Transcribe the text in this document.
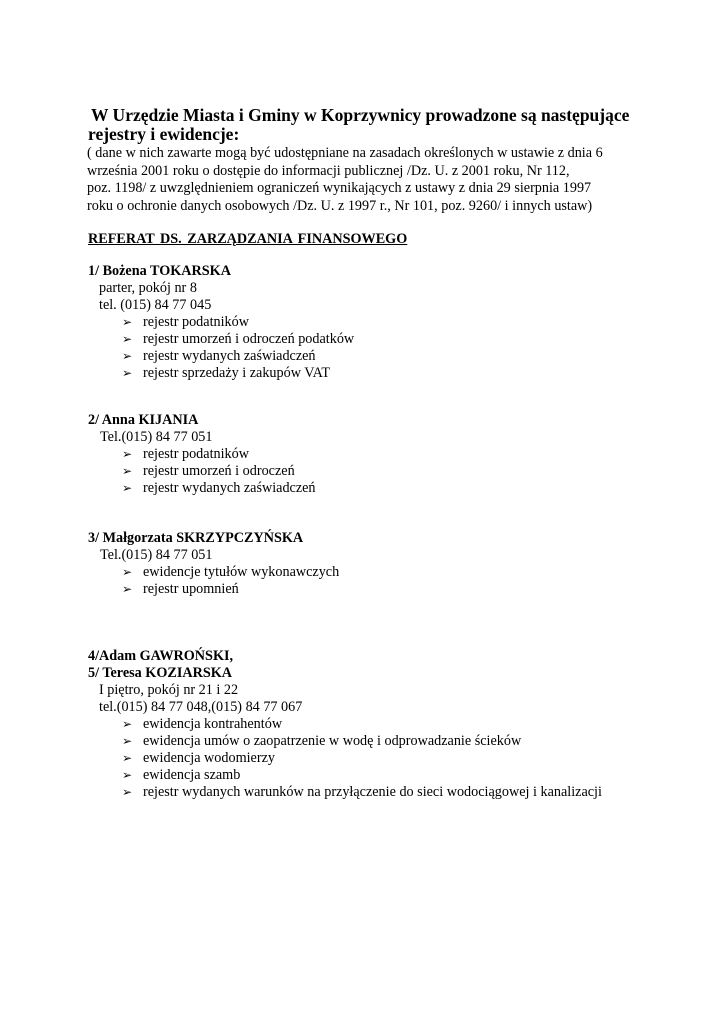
W Urzędzie Miasta i Gminy w Koprzywnicy prowadzone są następujące
rejestry i ewidencje:
( dane w nich zawarte mogą być udostępniane na zasadach określonych w ustawie z dnia 6
września 2001 roku o dostępie do informacji publicznej /Dz. U. z 2001 roku, Nr 112,
poz. 1198/ z uwzględnieniem ograniczeń wynikających z ustawy z dnia 29 sierpnia 1997
roku o ochronie danych osobowych /Dz. U. z 1997 r., Nr 101, poz. 9260/ i innych ustaw)
REFERAT DS. ZARZĄDZANIA FINANSOWEGO
1/ Bożena TOKARSKA
parter, pokój nr 8
tel. (015) 84 77 045
➢ rejestr podatników
➢ rejestr umorzeń i odroczeń podatków
➢ rejestr wydanych zaświadczeń
➢ rejestr sprzedaży i zakupów VAT
2/ Anna KIJANIA
Tel.(015) 84 77 051
➢ rejestr podatników
➢ rejestr umorzeń i odroczeń
➢ rejestr wydanych zaświadczeń
3/ Małgorzata SKRZYPCZYŃSKA
Tel.(015) 84 77 051
➢ ewidencje tytułów wykonawczych
➢ rejestr upomnień
4/Adam GAWROŃSKI,
5/ Teresa KOZIARSKA
I piętro, pokój nr 21 i 22
tel.(015) 84 77 048,(015) 84 77 067
➢ ewidencja kontrahentów
➢ ewidencja umów o zaopatrzenie w wodę i odprowadzanie ścieków
➢ ewidencja wodomierzy
➢ ewidencja szamb
➢ rejestr wydanych warunków na przyłączenie do sieci wodociągowej i kanalizacji
